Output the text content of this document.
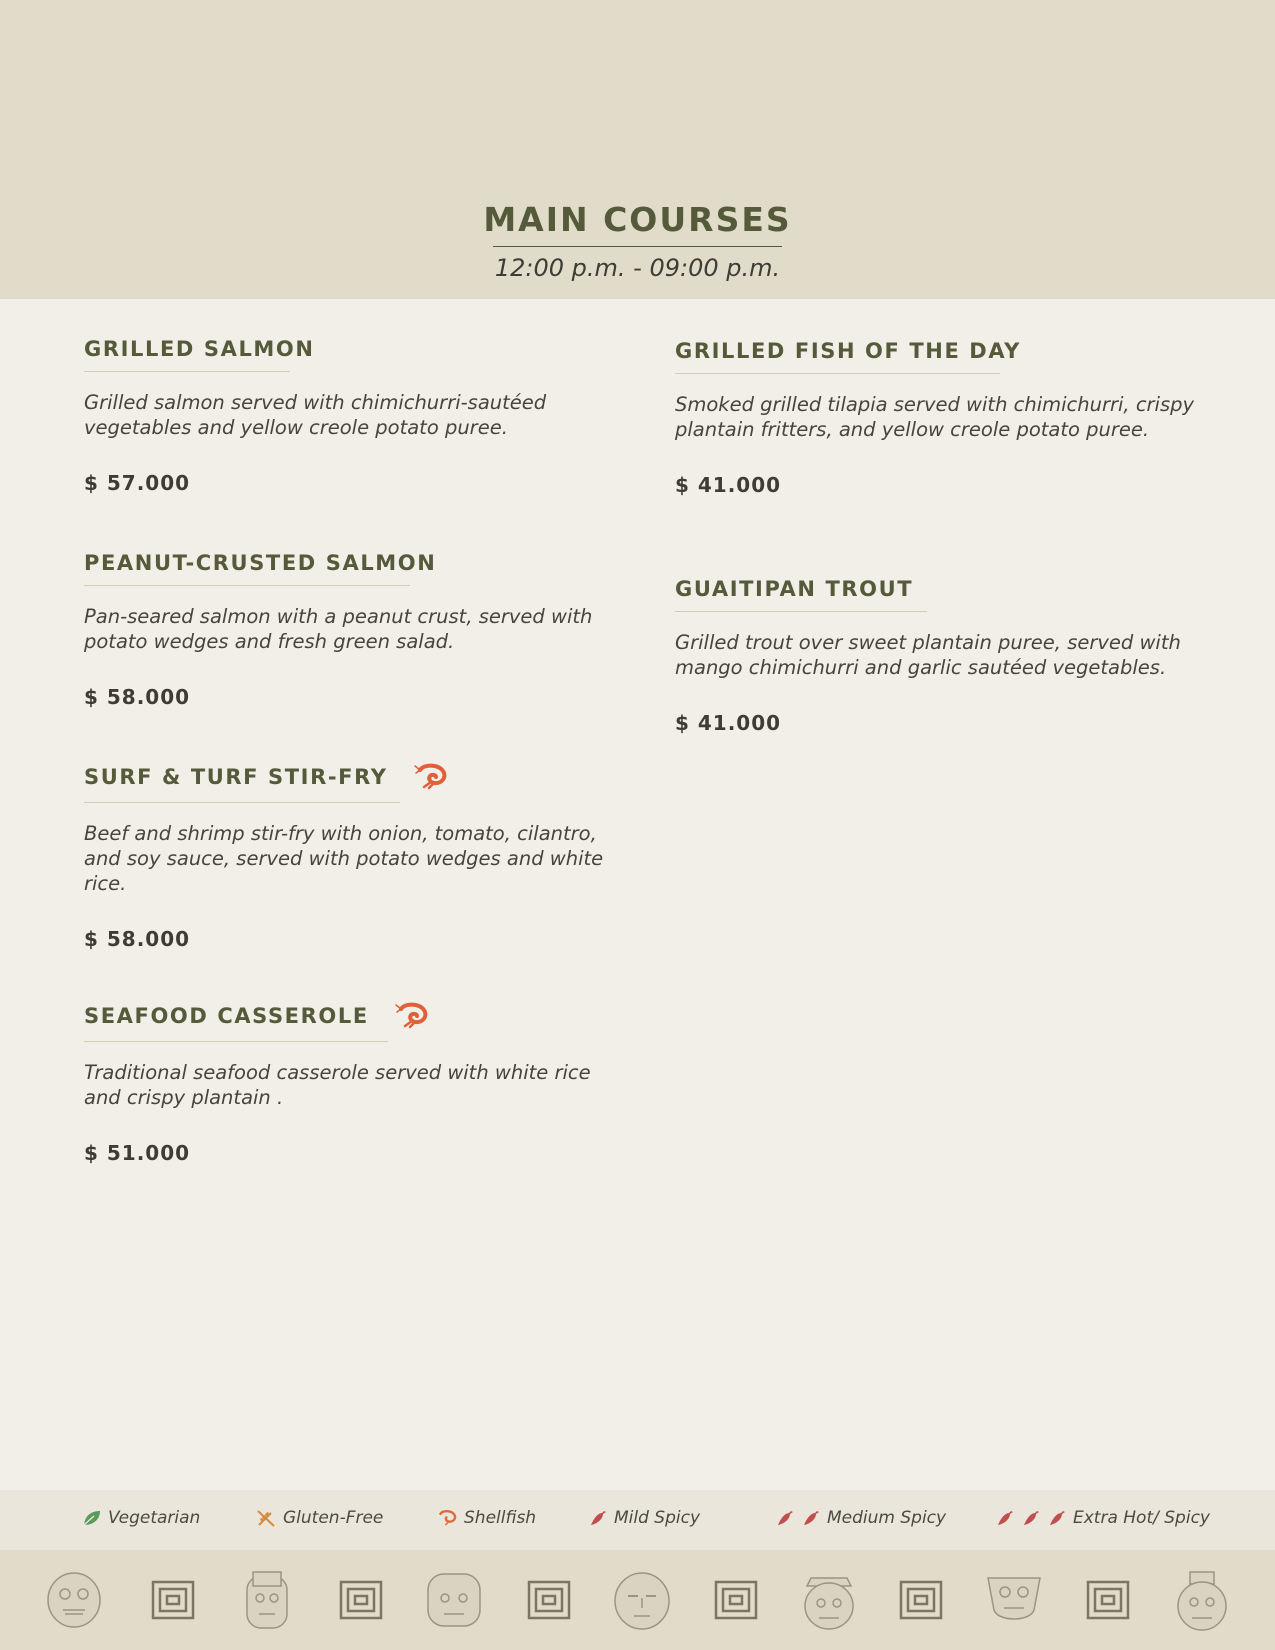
MAIN COURSES
12:00 p.m. - 09:00 p.m.
GRILLED SALMON
Grilled salmon served with chimichurri-sautéed vegetables and yellow creole potato puree.
$ 57.000
PEANUT-CRUSTED SALMON
Pan-seared salmon with a peanut crust, served with potato wedges and fresh green salad.
$ 58.000
SURF & TURF STIR-FRY
Beef and shrimp stir-fry with onion, tomato, cilantro, and soy sauce, served with potato wedges and white rice.
$ 58.000
SEAFOOD CASSEROLE
Traditional seafood casserole served with white rice and crispy plantain .
$ 51.000
GRILLED FISH OF THE DAY
Smoked grilled tilapia served with chimichurri, crispy plantain fritters, and yellow creole potato puree.
$ 41.000
GUAITIPAN TROUT
Grilled trout over sweet plantain puree, served with mango chimichurri and garlic sautéed vegetables.
$ 41.000
Vegetarian	Gluten-Free	Shellfish	Mild Spicy	Medium Spicy	Extra Hot/ Spicy
